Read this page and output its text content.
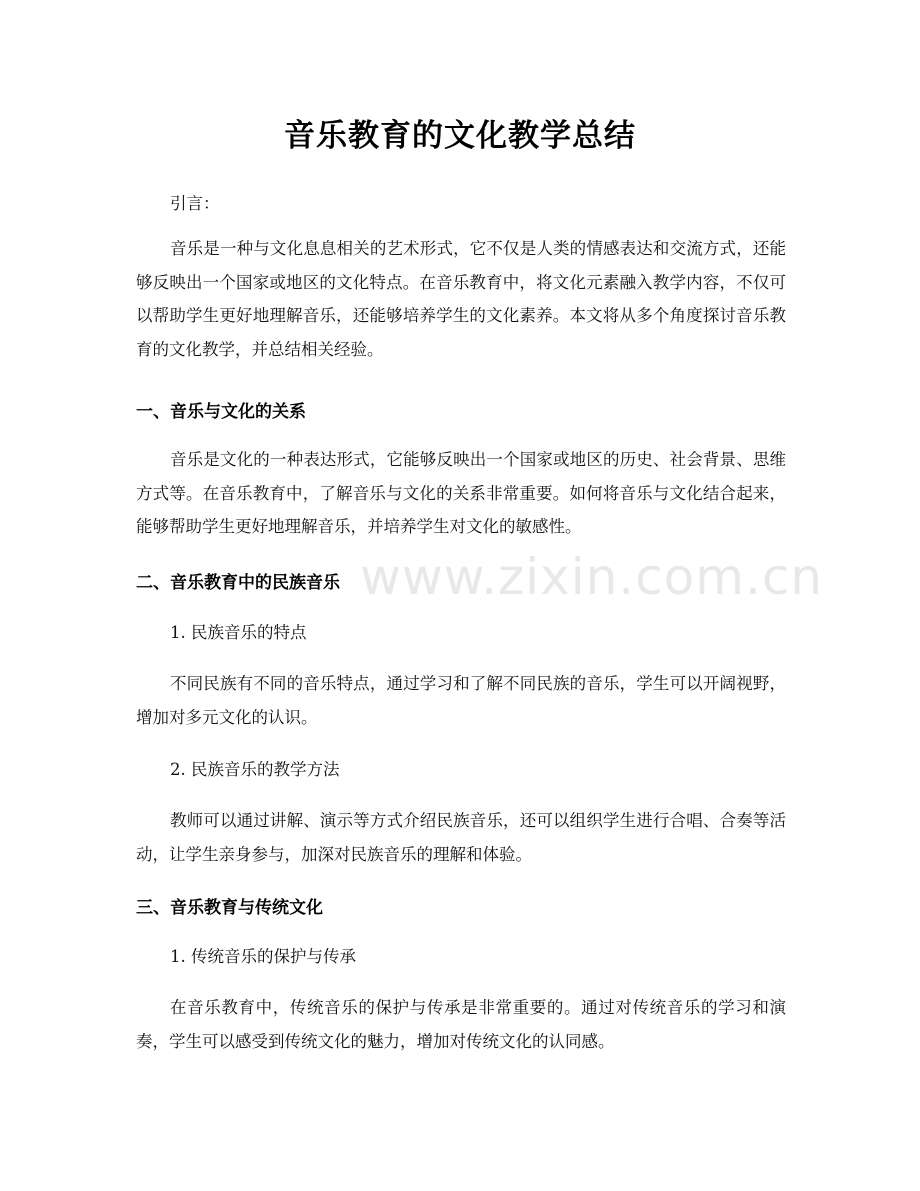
音乐教育的文化教学总结
引言：
音乐是一种与文化息息相关的艺术形式，它不仅是人类的情感表达和交流方式，还能够反映出一个国家或地区的文化特点。在音乐教育中，将文化元素融入教学内容，不仅可以帮助学生更好地理解音乐，还能够培养学生的文化素养。本文将从多个角度探讨音乐教育的文化教学，并总结相关经验。
一、音乐与文化的关系
音乐是文化的一种表达形式，它能够反映出一个国家或地区的历史、社会背景、思维方式等。在音乐教育中，了解音乐与文化的关系非常重要。如何将音乐与文化结合起来，能够帮助学生更好地理解音乐，并培养学生对文化的敏感性。
二、音乐教育中的民族音乐
1. 民族音乐的特点
不同民族有不同的音乐特点，通过学习和了解不同民族的音乐，学生可以开阔视野，增加对多元文化的认识。
2. 民族音乐的教学方法
教师可以通过讲解、演示等方式介绍民族音乐，还可以组织学生进行合唱、合奏等活动，让学生亲身参与，加深对民族音乐的理解和体验。
三、音乐教育与传统文化
1. 传统音乐的保护与传承
在音乐教育中，传统音乐的保护与传承是非常重要的。通过对传统音乐的学习和演奏，学生可以感受到传统文化的魅力，增加对传统文化的认同感。
www.zixin.com.cn
